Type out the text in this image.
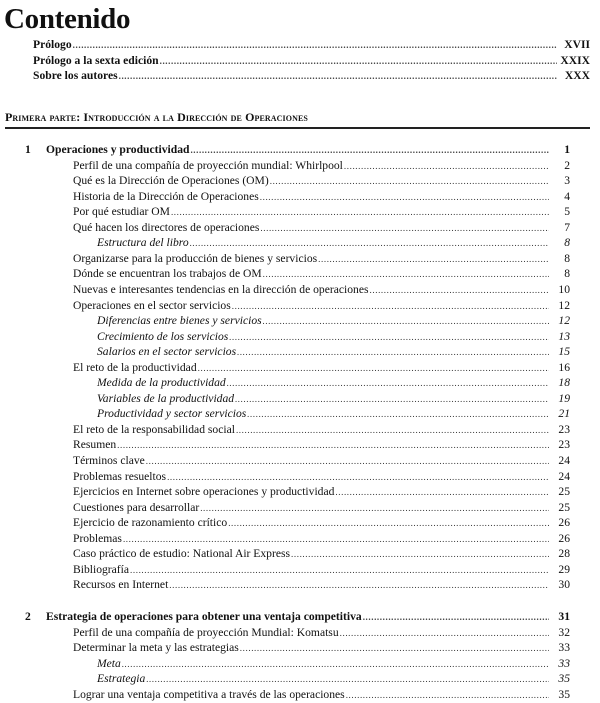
Contenido
Prólogo .....	XVII
Prólogo a la sexta edición .....	XXIX
Sobre los autores .....	XXX
Primera parte: Introducción a la Dirección de Operaciones
1	Operaciones y productividad .....	1
Perfil de una compañía de proyección mundial: Whirlpool .....	2
Qué es la Dirección de Operaciones (OM) .....	3
Historia de la Dirección de Operaciones .....	4
Por qué estudiar OM .....	5
Qué hacen los directores de operaciones .....	7
Estructura del libro .....	8
Organizarse para la producción de bienes y servicios .....	8
Dónde se encuentran los trabajos de OM .....	8
Nuevas e interesantes tendencias en la dirección de operaciones .....	10
Operaciones en el sector servicios .....	12
Diferencias entre bienes y servicios .....	12
Crecimiento de los servicios .....	13
Salarios en el sector servicios .....	15
El reto de la productividad .....	16
Medida de la productividad .....	18
Variables de la productividad .....	19
Productividad y sector servicios .....	21
El reto de la responsabilidad social .....	23
Resumen .....	23
Términos clave .....	24
Problemas resueltos .....	24
Ejercicios en Internet sobre operaciones y productividad .....	25
Cuestiones para desarrollar .....	25
Ejercicio de razonamiento crítico .....	26
Problemas .....	26
Caso práctico de estudio: National Air Express .....	28
Bibliografía .....	29
Recursos en Internet .....	30
2	Estrategia de operaciones para obtener una ventaja competitiva .....	31
Perfil de una compañía de proyección Mundial: Komatsu .....	32
Determinar la meta y las estrategias .....	33
Meta .....	33
Estrategia .....	35
Lograr una ventaja competitiva a través de las operaciones .....	35
